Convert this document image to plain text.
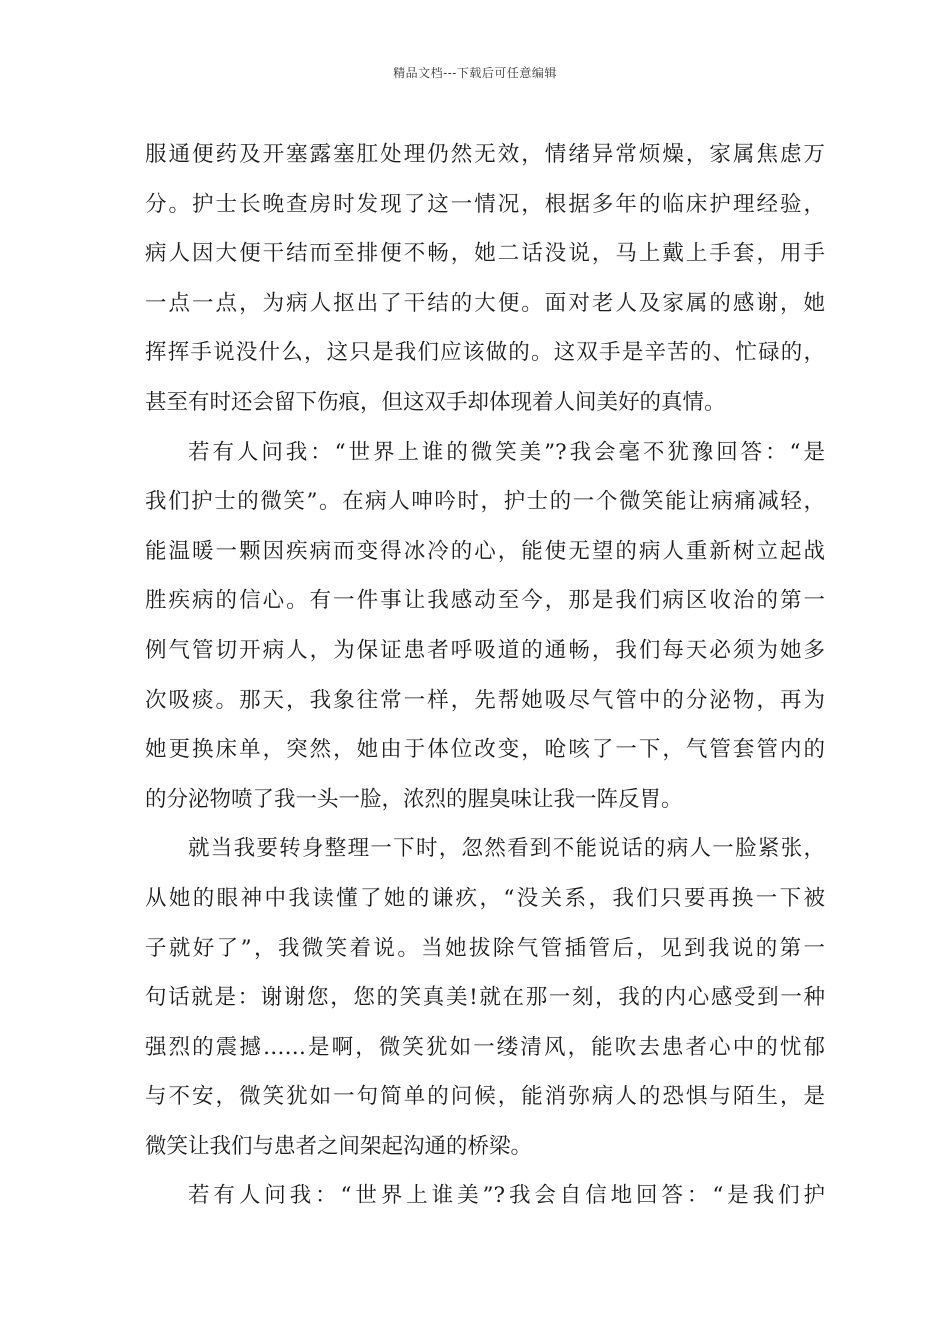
精品文档---下载后可任意编辑
服通便药及开塞露塞肛处理仍然无效，情绪异常烦燥，家属焦虑万
分。护士长晚查房时发现了这一情况，根据多年的临床护理经验，
病人因大便干结而至排便不畅，她二话没说，马上戴上手套，用手
一点一点，为病人抠出了干结的大便。面对老人及家属的感谢，她
挥挥手说没什么，这只是我们应该做的。这双手是辛苦的、忙碌的，
甚至有时还会留下伤痕，但这双手却体现着人间美好的真情。
若有人问我：“世界上谁的微笑美”?我会毫不犹豫回答：“是
我们护士的微笑”。在病人呻吟时，护士的一个微笑能让病痛减轻，
能温暖一颗因疾病而变得冰冷的心，能使无望的病人重新树立起战
胜疾病的信心。有一件事让我感动至今，那是我们病区收治的第一
例气管切开病人，为保证患者呼吸道的通畅，我们每天必须为她多
次吸痰。那天，我象往常一样，先帮她吸尽气管中的分泌物，再为
她更换床单，突然，她由于体位改变，呛咳了一下，气管套管内的
的分泌物喷了我一头一脸，浓烈的腥臭味让我一阵反胃。
就当我要转身整理一下时，忽然看到不能说话的病人一脸紧张，
从她的眼神中我读懂了她的谦疚，“没关系，我们只要再换一下被
子就好了”，我微笑着说。当她拔除气管插管后，见到我说的第一
句话就是：谢谢您，您的笑真美!就在那一刻，我的内心感受到一种
强烈的震撼……是啊，微笑犹如一缕清风，能吹去患者心中的忧郁
与不安，微笑犹如一句简单的问候，能消弥病人的恐惧与陌生，是
微笑让我们与患者之间架起沟通的桥梁。
若有人问我：“世界上谁美”?我会自信地回答：“是我们护
